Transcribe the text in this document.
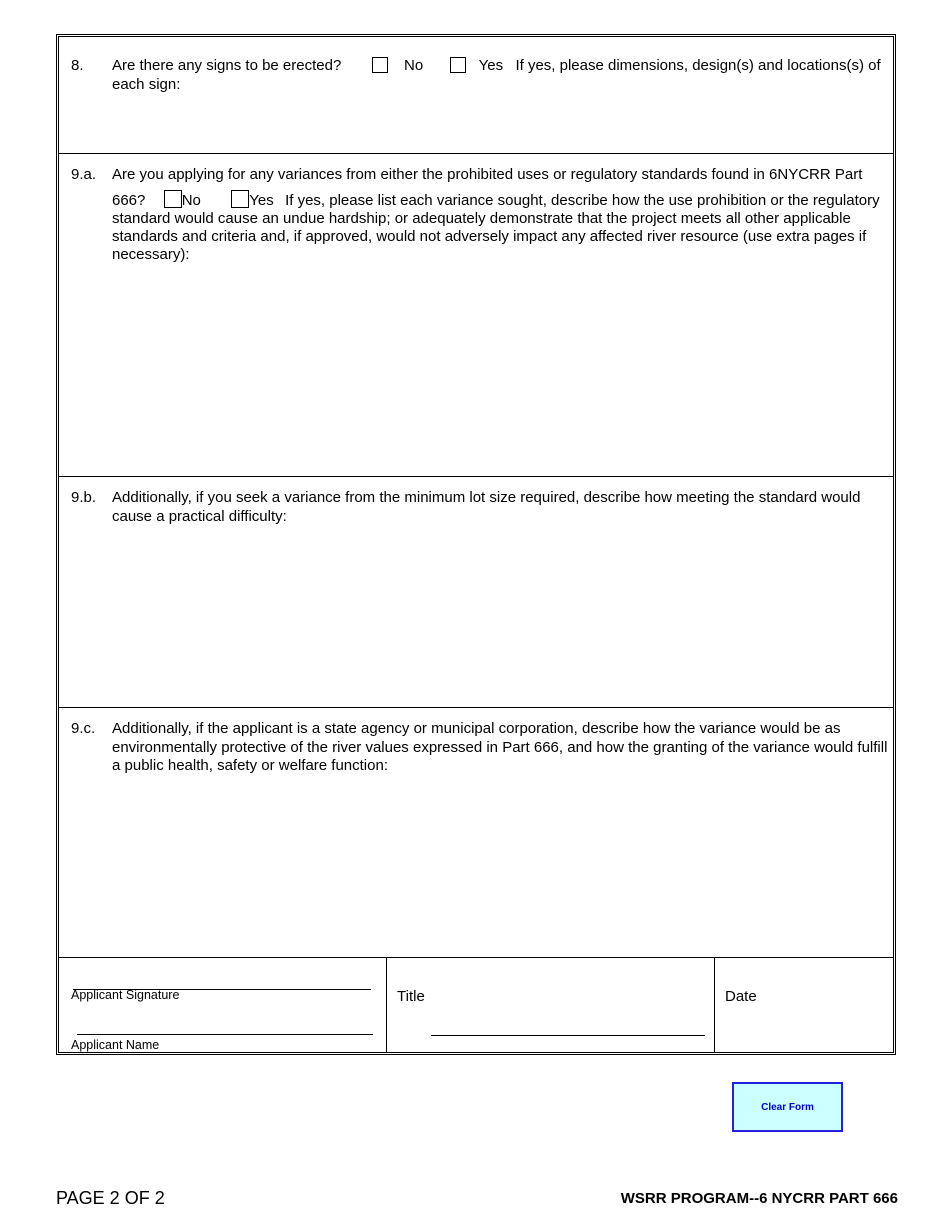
8. Are there any signs to be erected?	No	Yes If yes, please dimensions, design(s) and locations(s) of each sign:
9.a. Are you applying for any variances from either the prohibited uses or regulatory standards found in 6NYCRR Part
666? No	Yes If yes, please list each variance sought, describe how the use prohibition or the regulatory standard would cause an undue hardship; or adequately demonstrate that the project meets all other applicable standards and criteria and, if approved, would not adversely impact any affected river resource (use extra pages if necessary):
9.b. Additionally, if you seek a variance from the minimum lot size required, describe how meeting the standard would cause a practical difficulty:
9.c. Additionally, if the applicant is a state agency or municipal corporation, describe how the variance would be as environmentally protective of the river values expressed in Part 666, and how the granting of the variance would fulfill a public health, safety or welfare function:
Applicant Signature
Applicant Name
Title	Date
Clear Form
PAGE 2 OF 2	WSRR PROGRAM--6 NYCRR PART 666
